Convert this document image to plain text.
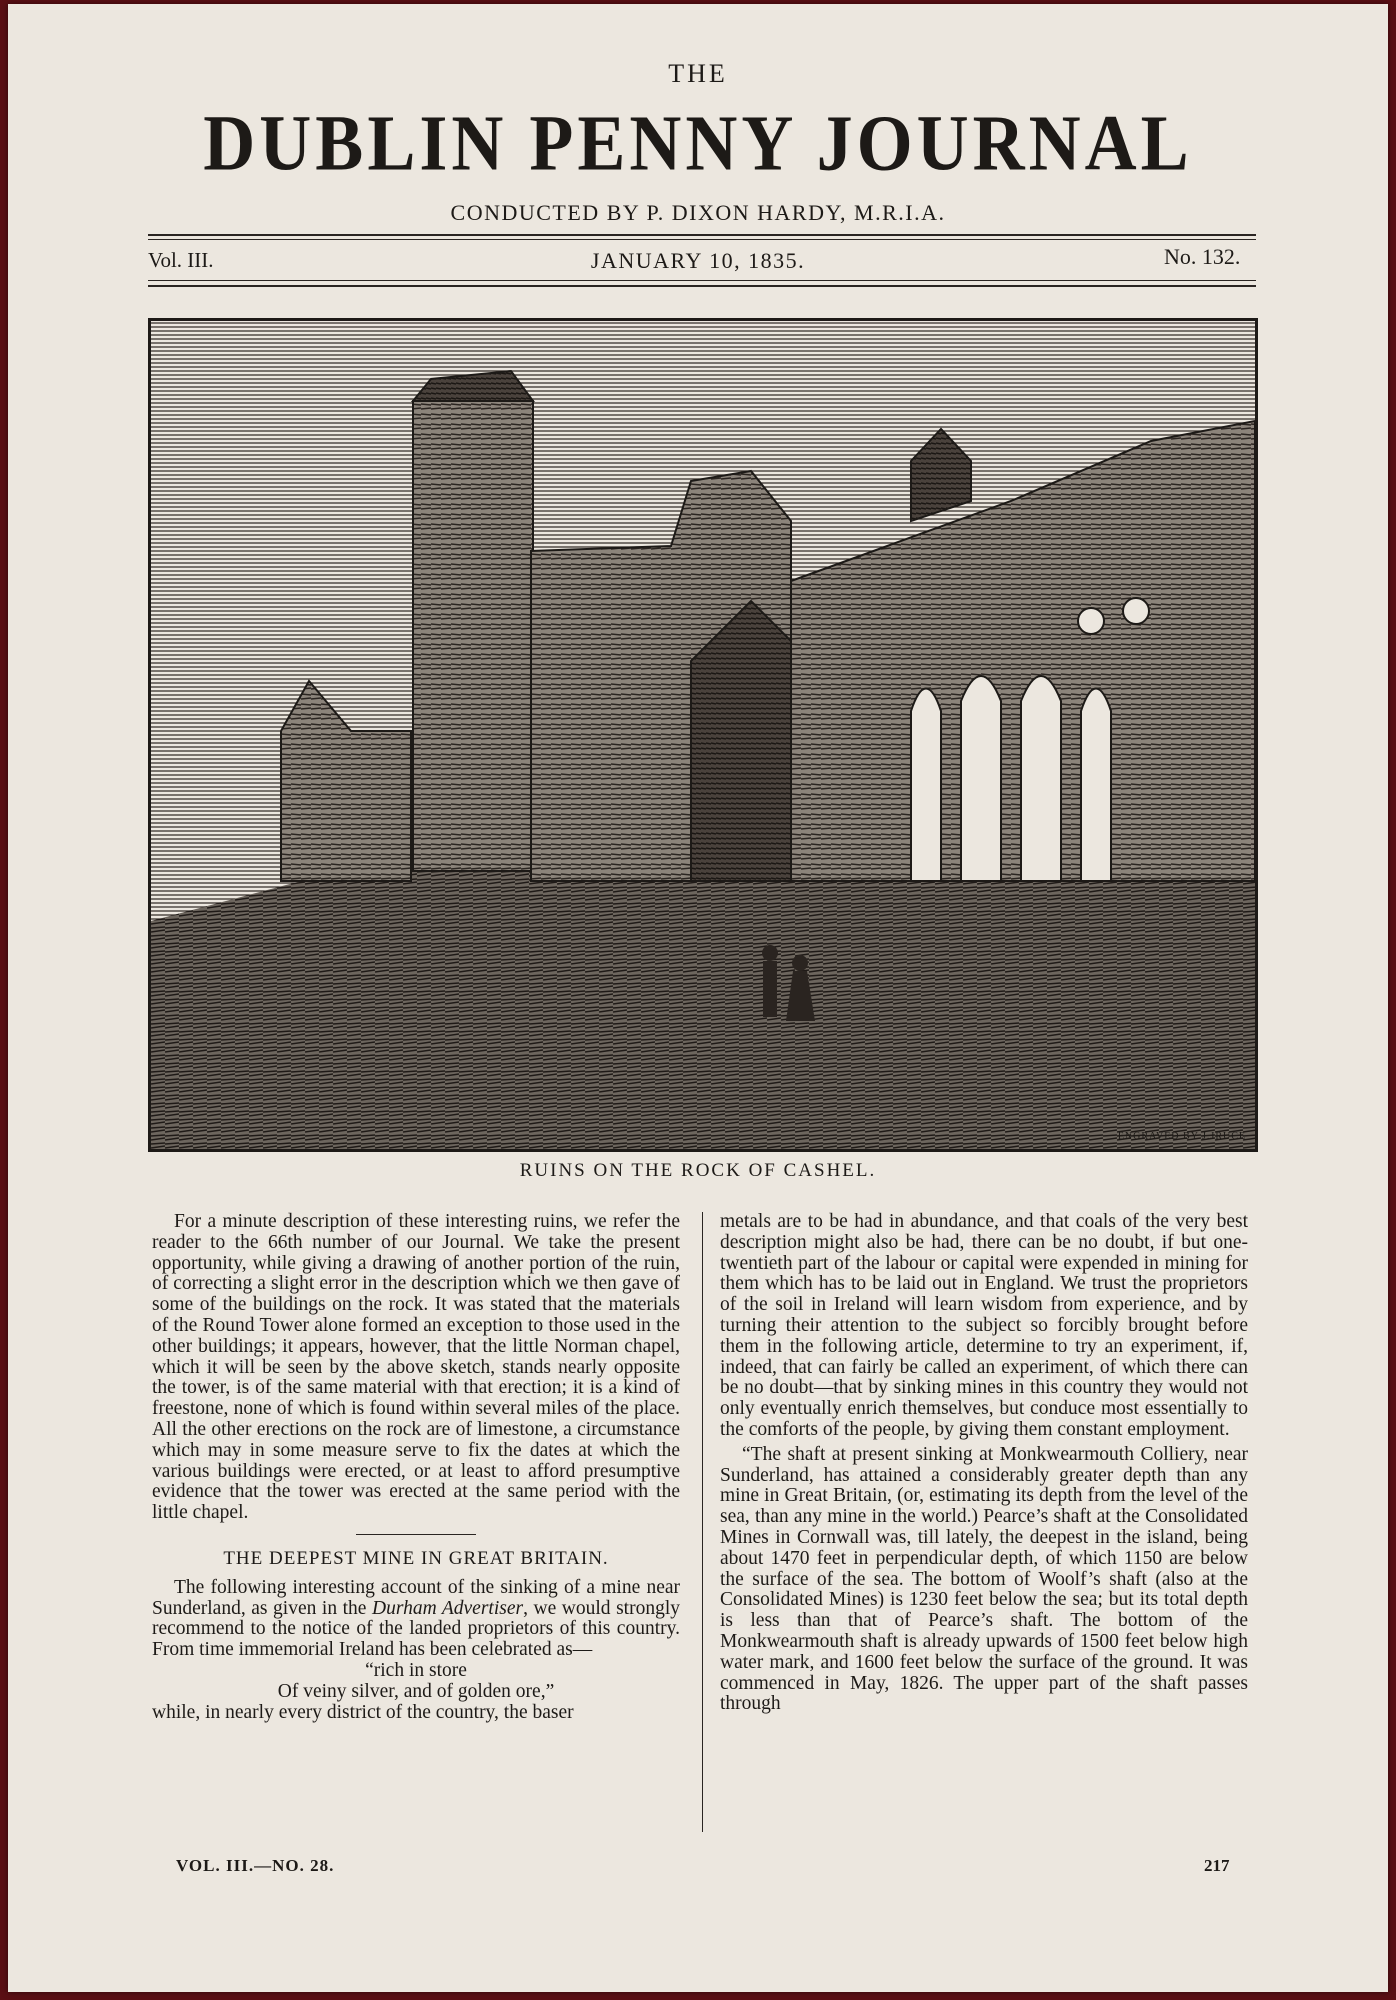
THE
DUBLIN PENNY JOURNAL
CONDUCTED BY P. DIXON HARDY, M.R.I.A.
Vol. III.	JANUARY 10, 1835.	No. 132.
ENGRAVED BY J.JRUCE
RUINS ON THE ROCK OF CASHEL.

For a minute description of these interesting ruins, we refer the reader to the 66th number of our Journal. We take the present opportunity, while giving a drawing of another portion of the ruin, of correcting a slight error in the description which we then gave of some of the buildings on the rock. It was stated that the materials of the Round Tower alone formed an exception to those used in the other buildings; it appears, however, that the little Norman chapel, which it will be seen by the above sketch, stands nearly opposite the tower, is of the same material with that erection; it is a kind of freestone, none of which is found within several miles of the place. All the other erections on the rock are of limestone, a circumstance which may in some measure serve to fix the dates at which the various buildings were erected, or at least to afford presumptive evidence that the tower was erected at the same period with the little chapel.

THE DEEPEST MINE IN GREAT BRITAIN.

The following interesting account of the sinking of a mine near Sunderland, as given in the Durham Advertiser, we would strongly recommend to the notice of the landed proprietors of this country. From time immemorial Ireland has been celebrated as—

“rich in store

Of veiny silver, and of golden ore,”

while, in nearly every district of the country, the baser

metals are to be had in abundance, and that coals of the very best description might also be had, there can be no doubt, if but one-twentieth part of the labour or capital were expended in mining for them which has to be laid out in England. We trust the proprietors of the soil in Ireland will learn wisdom from experience, and by turning their attention to the subject so forcibly brought before them in the following article, determine to try an experiment, if, indeed, that can fairly be called an experiment, of which there can be no doubt—that by sinking mines in this country they would not only eventually enrich themselves, but conduce most essentially to the comforts of the people, by giving them constant employment.

“The shaft at present sinking at Monkwearmouth Colliery, near Sunderland, has attained a considerably greater depth than any mine in Great Britain, (or, estimating its depth from the level of the sea, than any mine in the world.) Pearce’s shaft at the Consolidated Mines in Cornwall was, till lately, the deepest in the island, being about 1470 feet in perpendicular depth, of which 1150 are below the surface of the sea. The bottom of Woolf’s shaft (also at the Consolidated Mines) is 1230 feet below the sea; but its total depth is less than that of Pearce’s shaft. The bottom of the Monkwearmouth shaft is already upwards of 1500 feet below high water mark, and 1600 feet below the surface of the ground. It was commenced in May, 1826. The upper part of the shaft passes through

VOL. III.—NO. 28.	217
